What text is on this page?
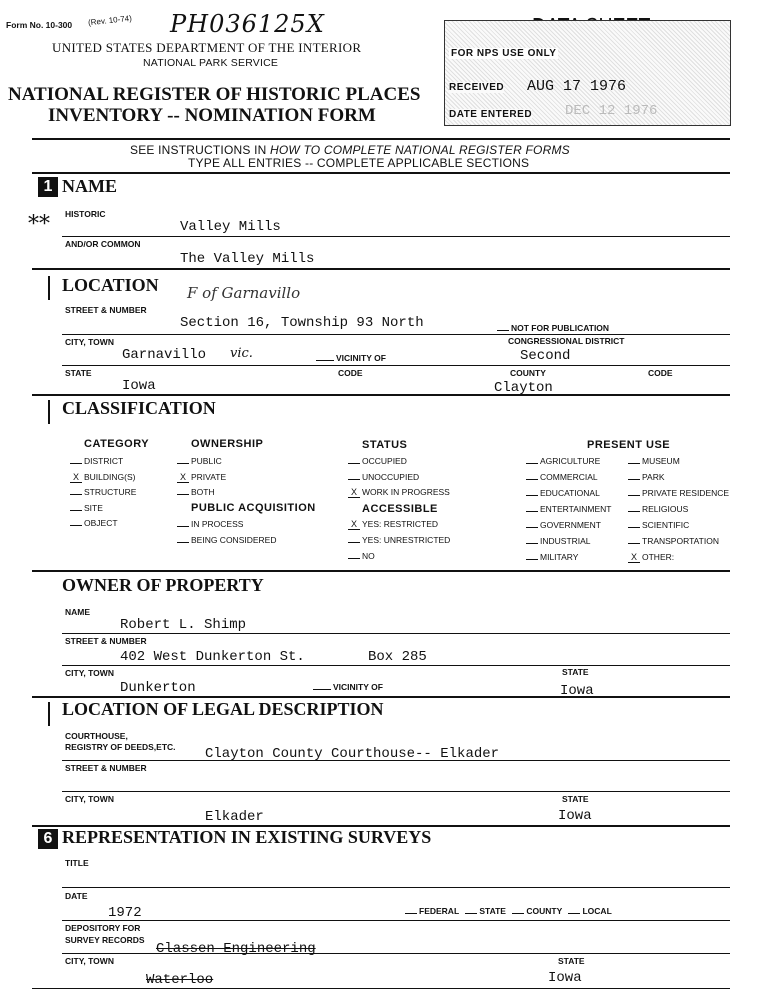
Form No. 10-300 (Rev. 10-74) PH036125X
UNITED STATES DEPARTMENT OF THE INTERIOR
NATIONAL PARK SERVICE
NATIONAL REGISTER OF HISTORIC PLACES
INVENTORY -- NOMINATION FORM
FOR NPS USE ONLY
RECEIVED AUG 17 1976
DATE ENTERED DEC 12 1976
SEE INSTRUCTIONS IN HOW TO COMPLETE NATIONAL REGISTER FORMS
TYPE ALL ENTRIES -- COMPLETE APPLICABLE SECTIONS
1 NAME
** HISTORIC
Valley Mills
AND/OR COMMON
The Valley Mills
LOCATION F of Garnavillo
STREET & NUMBER
Section 16, Township 93 North	NOT FOR PUBLICATION
CITY, TOWN
Garnavillo vic.	VICINITY OF
CONGRESSIONAL DISTRICT
Second
STATE
Iowa
CODE	COUNTY
Clayton
CODE
CLASSIFICATION
CATEGORY
DISTRICT
X BUILDING(S)
STRUCTURE
SITE
OBJECT
OWNERSHIP
PUBLIC
X PRIVATE
BOTH
PUBLIC ACQUISITION
IN PROCESS
BEING CONSIDERED
STATUS
OCCUPIED
UNOCCUPIED
X WORK IN PROGRESS
ACCESSIBLE
X YES: RESTRICTED
YES: UNRESTRICTED
NO
PRESENT USE
AGRICULTURE
COMMERCIAL
EDUCATIONAL
ENTERTAINMENT
GOVERNMENT
INDUSTRIAL
MILITARY
MUSEUM
PARK
PRIVATE RESIDENCE
RELIGIOUS
SCIENTIFIC
TRANSPORTATION
X OTHER:
OWNER OF PROPERTY
NAME
Robert L. Shimp
STREET & NUMBER
402 West Dunkerton St.	Box 285
CITY, TOWN
Dunkerton	VICINITY OF
STATE
Iowa
LOCATION OF LEGAL DESCRIPTION
COURTHOUSE,
REGISTRY OF DEEDS,ETC. Clayton County Courthouse-- Elkader
STREET & NUMBER
CITY, TOWN
Elkader
STATE
Iowa
6 REPRESENTATION IN EXISTING SURVEYS
TITLE
DATE
1972	FEDERAL STATE COUNTY LOCAL
DEPOSITORY FOR
SURVEY RECORDS
Classen Engineering
CITY, TOWN
Waterloo
STATE
Iowa
